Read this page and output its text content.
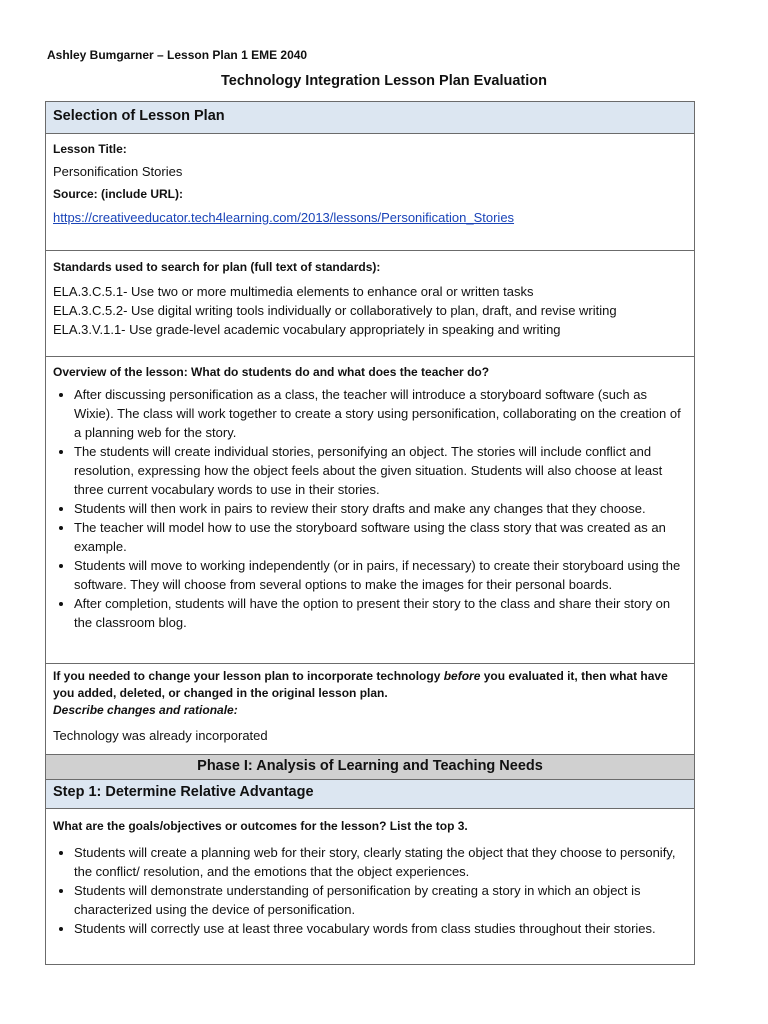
Ashley Bumgarner – Lesson Plan 1 EME 2040
Technology Integration Lesson Plan Evaluation
Selection of Lesson Plan
Lesson Title:
Personification Stories
Source: (include URL):
https://creativeeducator.tech4learning.com/2013/lessons/Personification_Stories
Standards used to search for plan (full text of standards):
ELA.3.C.5.1- Use two or more multimedia elements to enhance oral or written tasks
ELA.3.C.5.2- Use digital writing tools individually or collaboratively to plan, draft, and revise writing
ELA.3.V.1.1- Use grade-level academic vocabulary appropriately in speaking and writing
Overview of the lesson: What do students do and what does the teacher do?
• After discussing personification as a class, the teacher will introduce a storyboard software (such as Wixie). The class will work together to create a story using personification, collaborating on the creation of a planning web for the story.
• The students will create individual stories, personifying an object. The stories will include conflict and resolution, expressing how the object feels about the given situation. Students will also choose at least three current vocabulary words to use in their stories.
• Students will then work in pairs to review their story drafts and make any changes that they choose.
• The teacher will model how to use the storyboard software using the class story that was created as an example.
• Students will move to working independently (or in pairs, if necessary) to create their storyboard using the software. They will choose from several options to make the images for their personal boards.
• After completion, students will have the option to present their story to the class and share their story on the classroom blog.
If you needed to change your lesson plan to incorporate technology before you evaluated it, then what have you added, deleted, or changed in the original lesson plan.
Describe changes and rationale:
Technology was already incorporated
Phase I: Analysis of Learning and Teaching Needs
Step 1: Determine Relative Advantage
What are the goals/objectives or outcomes for the lesson? List the top 3.
• Students will create a planning web for their story, clearly stating the object that they choose to personify, the conflict/ resolution, and the emotions that the object experiences.
• Students will demonstrate understanding of personification by creating a story in which an object is characterized using the device of personification.
• Students will correctly use at least three vocabulary words from class studies throughout their stories.
